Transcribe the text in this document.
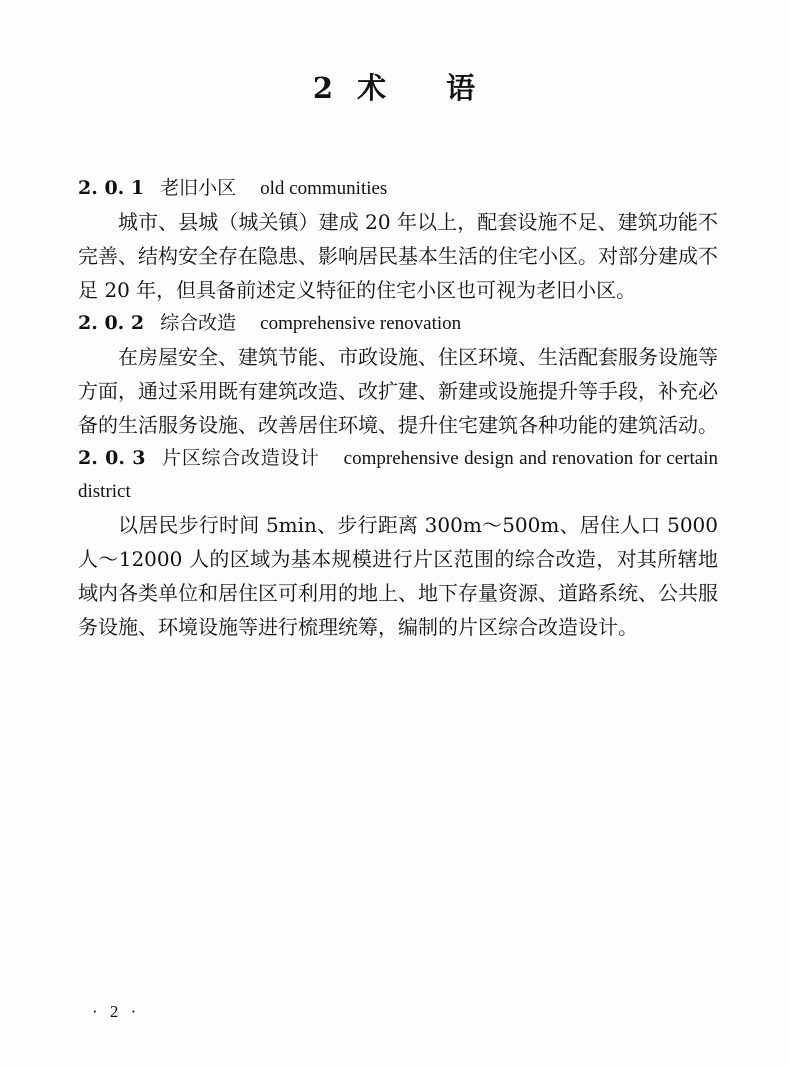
2 术 语
2. 0. 1 老旧小区 old communities

城市、县城（城关镇）建成 20 年以上，配套设施不足、建筑功能不完善、结构安全存在隐患、影响居民基本生活的住宅小区。对部分建成不足 20 年，但具备前述定义特征的住宅小区也可视为老旧小区。

2. 0. 2 综合改造 comprehensive renovation

在房屋安全、建筑节能、市政设施、住区环境、生活配套服务设施等方面，通过采用既有建筑改造、改扩建、新建或设施提升等手段，补充必备的生活服务设施、改善居住环境、提升住宅建筑各种功能的建筑活动。

2. 0. 3 片区综合改造设计 comprehensive design and renovation for certain district

以居民步行时间 5min、步行距离 300m～500m、居住人口 5000 人～12000 人的区域为基本规模进行片区范围的综合改造，对其所辖地域内各类单位和居住区可利用的地上、地下存量资源、道路系统、公共服务设施、环境设施等进行梳理统筹，编制的片区综合改造设计。

· 2 ·
